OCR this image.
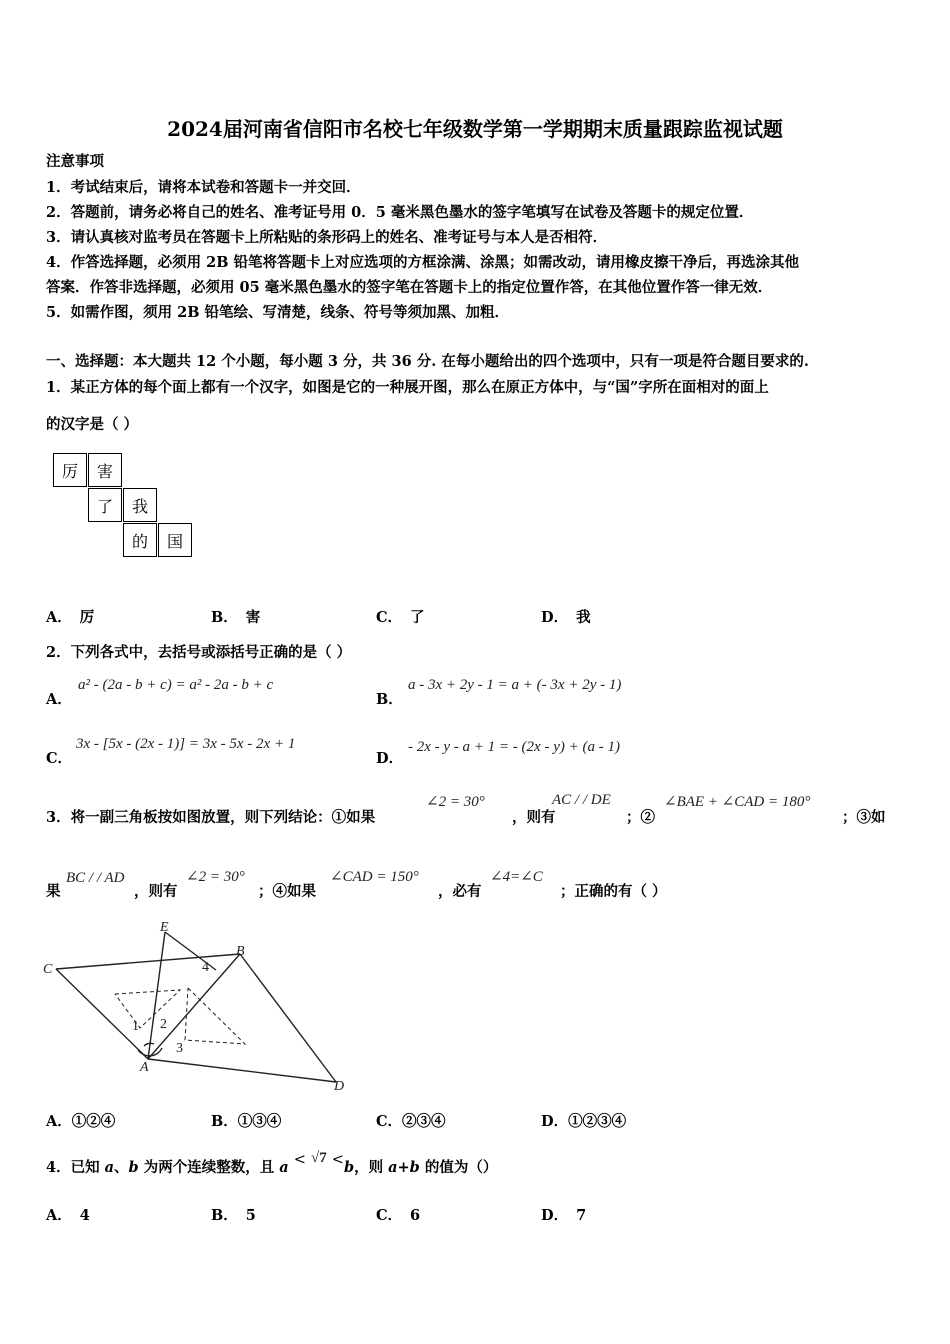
2024届河南省信阳市名校七年级数学第一学期期末质量跟踪监视试题
注意事项
1．考试结束后，请将本试卷和答题卡一并交回．
2．答题前，请务必将自己的姓名、准考证号用 0．5 毫米黑色墨水的签字笔填写在试卷及答题卡的规定位置．
3．请认真核对监考员在答题卡上所粘贴的条形码上的姓名、准考证号与本人是否相符．
4．作答选择题，必须用 2B 铅笔将答题卡上对应选项的方框涂满、涂黑；如需改动，请用橡皮擦干净后，再选涂其他
答案．作答非选择题，必须用 05 毫米黑色墨水的签字笔在答题卡上的指定位置作答，在其他位置作答一律无效．
5．如需作图，须用 2B 铅笔绘、写清楚，线条、符号等须加黑、加粗．
一、选择题：本大题共 12 个小题，每小题 3 分，共 36 分. 在每小题给出的四个选项中，只有一项是符合题目要求的.
1．某正方体的每个面上都有一个汉字，如图是它的一种展开图，那么在原正方体中，与“国”字所在面相对的面上
的汉字是（ ）
厉	害
了	我
的	国
A． 厉	B． 害	C． 了	D． 我
2．下列各式中，去括号或添括号正确的是（ ）
A．
a² - (2a - b + c) = a² - 2a - b + c
B．
a - 3x + 2y - 1 = a + (- 3x + 2y - 1)
C．
3x - [5x - (2x - 1)] = 3x - 5x - 2x + 1
D．
- 2x - y - a + 1 = - (2x - y) + (a - 1)
3．将一副三角板按如图放置，则下列结论：①如果
∠2 = 30°
，则有
AC / / DE
；②
∠BAE + ∠CAD = 180°
；③如
果
BC / / AD
，则有
∠2 = 30°
；④如果
∠CAD = 150°
，必有
∠4=∠C
；正确的有（ ）
E
B
C	4
1 2
3
A
D
A．①②④	B．①③④	C．②③④	D．①②③④
4．已知 a、b 为两个连续整数，且 a < √7 <b，则 a+b 的值为（）
A． 4	B． 5	C． 6	D． 7
